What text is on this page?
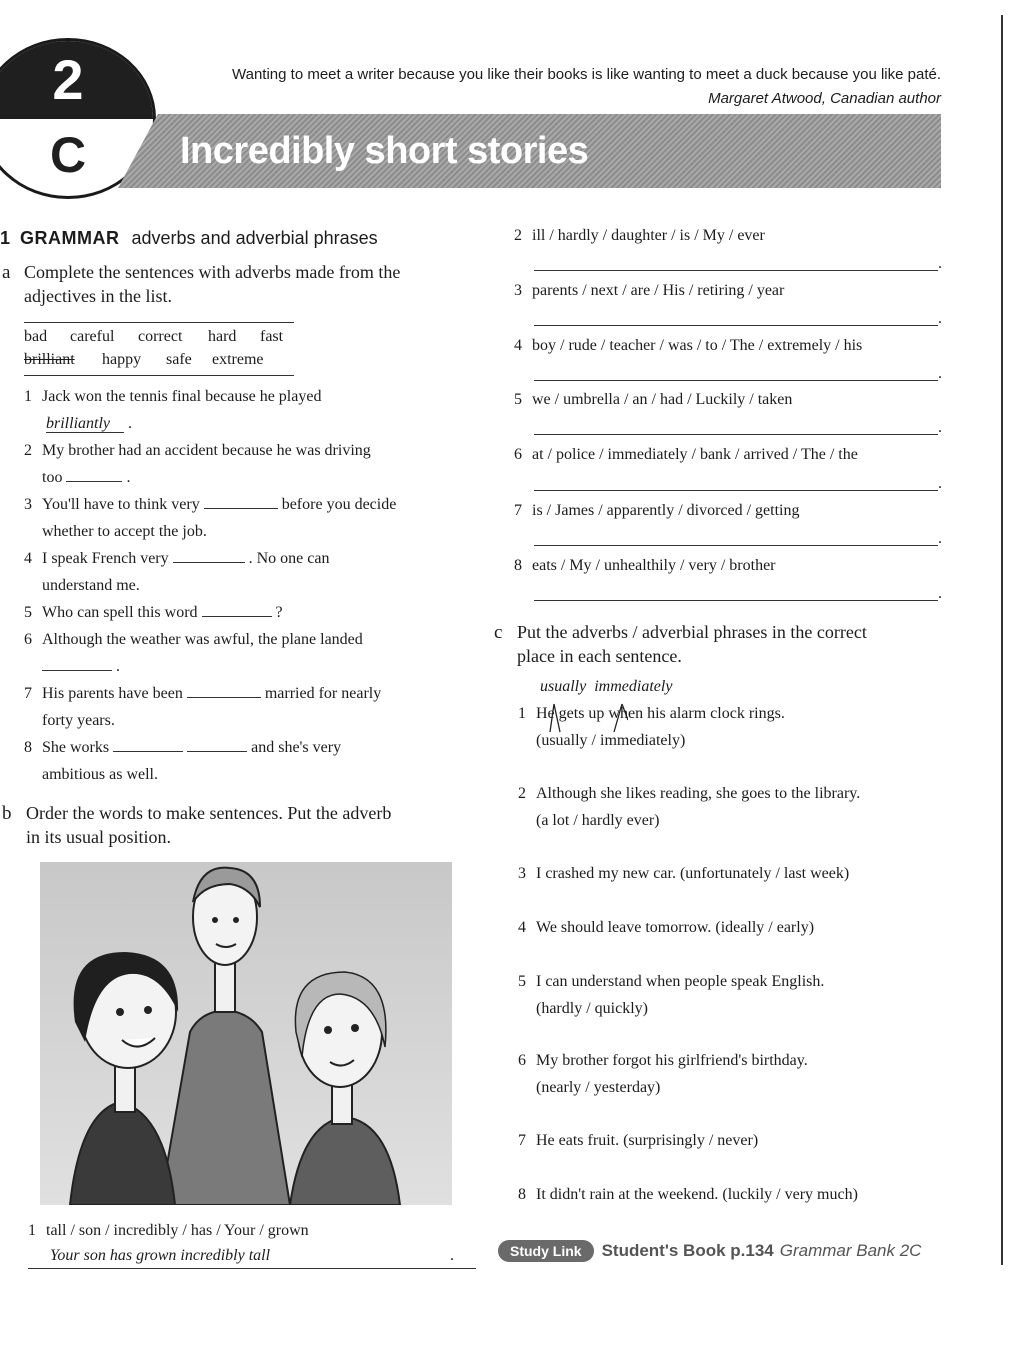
2
C	Incredibly short stories
Wanting to meet a writer because you like their books is like wanting to meet a duck because you like paté.
Margaret Atwood, Canadian author
1 GRAMMAR adverbs and adverbial phrases
a Complete the sentences with adverbs made from the
adjectives in the list.
bad careful correct hard fast
brilliant happy safe extreme
1 Jack won the tennis final because he played
brilliantly .
2 My brother had an accident because he was driving
too	.
3 You'll have to think very	before you decide
whether to accept the job.
4 I speak French very	. No one can
understand me.
5 Who can spell this word	?
6 Although the weather was awful, the plane landed
.
7 His parents have been	married for nearly
forty years.
8 She works	and she's very
ambitious as well.
b Order the words to make sentences. Put the adverb
in its usual position.
1 tall / son / incredibly / has / Your / grown
Your son has grown incredibly tall	.
2 ill / hardly / daughter / is / My / ever
.
3 parents / next / are / His / retiring / year
.
4 boy / rude / teacher / was / to / The / extremely / his
.
5 we / umbrella / an / had / Luckily / taken
.
6 at / police / immediately / bank / arrived / The / the
.
7 is / James / apparently / divorced / getting
.
8 eats / My / unhealthily / very / brother
.
c Put the adverbs / adverbial phrases in the correct
place in each sentence.
usually  immediately
1 He gets up when his alarm clock rings.
(usually / immediately)
2 Although she likes reading, she goes to the library.
(a lot / hardly ever)
3 I crashed my new car. (unfortunately / last week)
4 We should leave tomorrow. (ideally / early)
5 I can understand when people speak English.
(hardly / quickly)
6 My brother forgot his girlfriend's birthday.
(nearly / yesterday)
7 He eats fruit. (surprisingly / never)
8 It didn't rain at the weekend. (luckily / very much)
Study Link Student's Book p.134 Grammar Bank 2C
